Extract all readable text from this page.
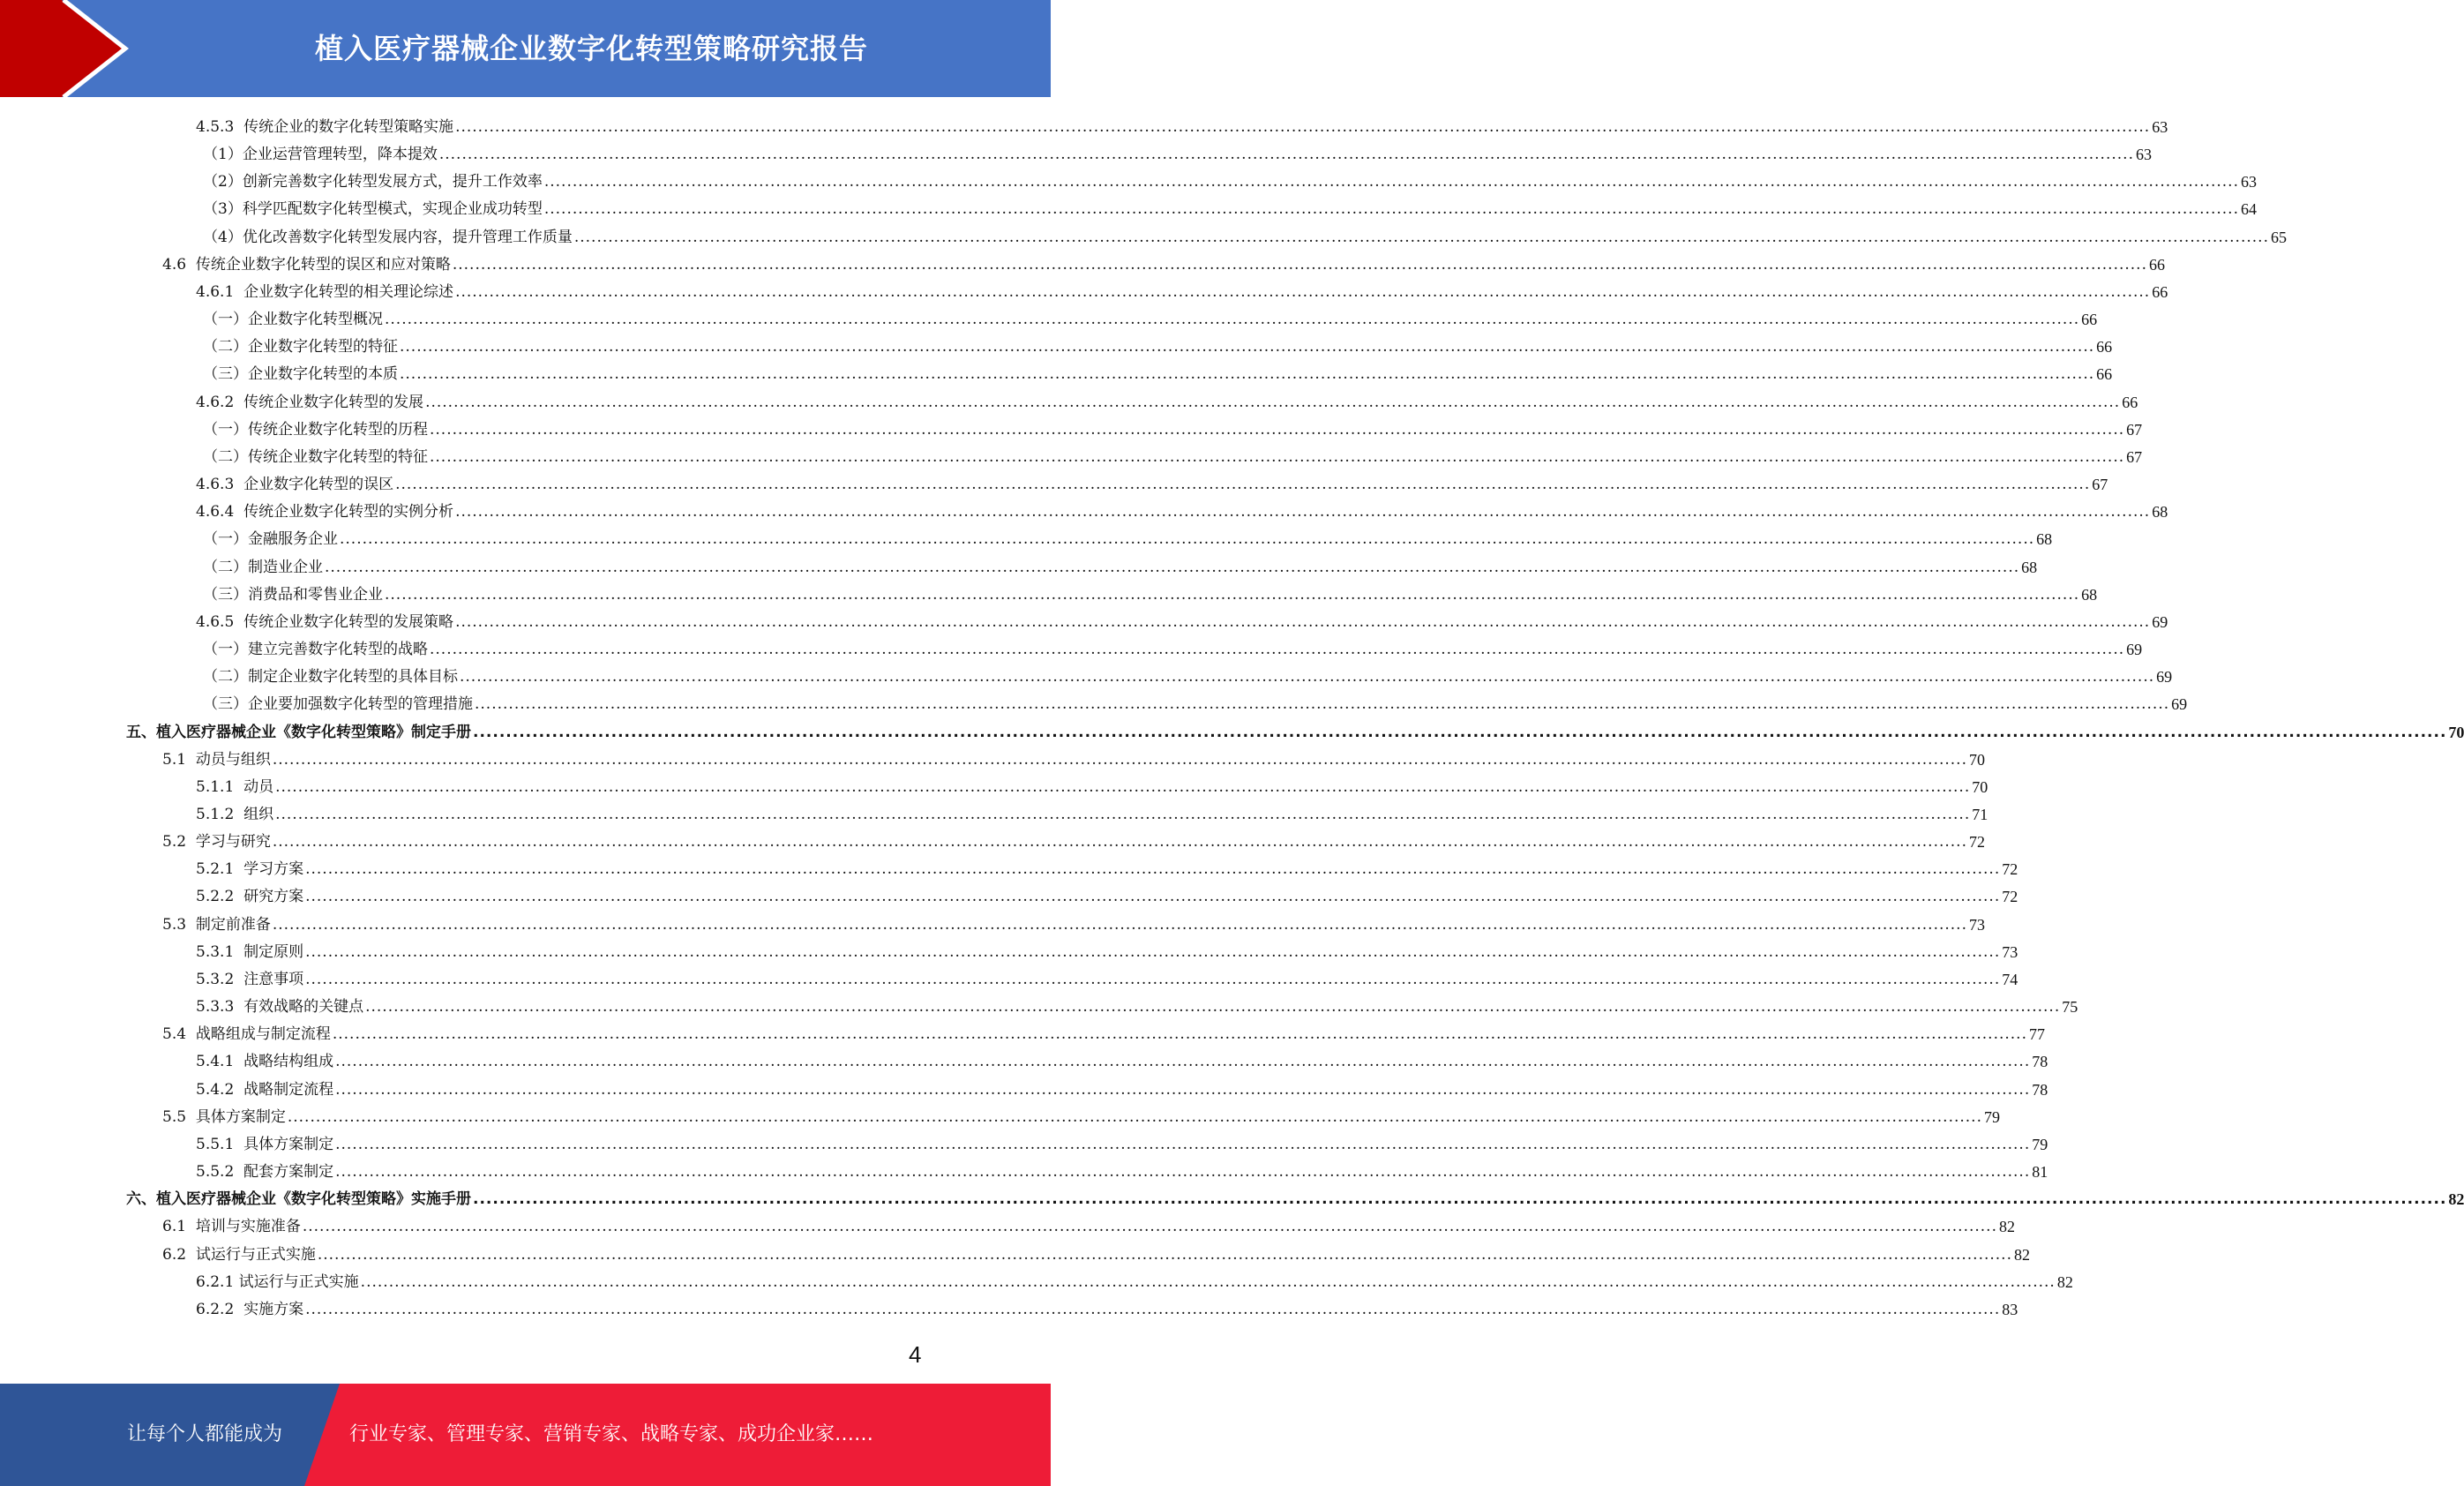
植入医疗器械企业数字化转型策略研究报告
4.5.3  传统企业的数字化转型策略实施 ............................................................................................................................................................................................................................................................................................................ 63
（1）企业运营管理转型，降本提效 ............................................................................................................................................................................................................................................................................................................ 63
（2）创新完善数字化转型发展方式，提升工作效率 ............................................................................................................................................................................................................................................................................................................ 63
（3）科学匹配数字化转型模式，实现企业成功转型 ............................................................................................................................................................................................................................................................................................................ 64
（4）优化改善数字化转型发展内容，提升管理工作质量 ............................................................................................................................................................................................................................................................................................................ 65
4.6  传统企业数字化转型的误区和应对策略 ............................................................................................................................................................................................................................................................................................................ 66
4.6.1  企业数字化转型的相关理论综述 ............................................................................................................................................................................................................................................................................................................ 66
（一）企业数字化转型概况 ............................................................................................................................................................................................................................................................................................................ 66
（二）企业数字化转型的特征 ............................................................................................................................................................................................................................................................................................................ 66
（三）企业数字化转型的本质 ............................................................................................................................................................................................................................................................................................................ 66
4.6.2  传统企业数字化转型的发展 ............................................................................................................................................................................................................................................................................................................ 66
（一）传统企业数字化转型的历程 ............................................................................................................................................................................................................................................................................................................ 67
（二）传统企业数字化转型的特征 ............................................................................................................................................................................................................................................................................................................ 67
4.6.3  企业数字化转型的误区 ............................................................................................................................................................................................................................................................................................................ 67
4.6.4  传统企业数字化转型的实例分析 ............................................................................................................................................................................................................................................................................................................ 68
（一）金融服务企业 ............................................................................................................................................................................................................................................................................................................ 68
（二）制造业企业 ............................................................................................................................................................................................................................................................................................................ 68
（三）消费品和零售业企业 ............................................................................................................................................................................................................................................................................................................ 68
4.6.5  传统企业数字化转型的发展策略 ............................................................................................................................................................................................................................................................................................................ 69
（一）建立完善数字化转型的战略 ............................................................................................................................................................................................................................................................................................................ 69
（二）制定企业数字化转型的具体目标 ............................................................................................................................................................................................................................................................................................................ 69
（三）企业要加强数字化转型的管理措施 ............................................................................................................................................................................................................................................................................................................ 69
五、植入医疗器械企业《数字化转型策略》制定手册 ............................................................................................................................................................................................................................................................................................................ 70
5.1  动员与组织 ............................................................................................................................................................................................................................................................................................................ 70
5.1.1  动员 ............................................................................................................................................................................................................................................................................................................ 70
5.1.2  组织 ............................................................................................................................................................................................................................................................................................................ 71
5.2  学习与研究 ............................................................................................................................................................................................................................................................................................................ 72
5.2.1  学习方案 ............................................................................................................................................................................................................................................................................................................ 72
5.2.2  研究方案 ............................................................................................................................................................................................................................................................................................................ 72
5.3  制定前准备 ............................................................................................................................................................................................................................................................................................................ 73
5.3.1  制定原则 ............................................................................................................................................................................................................................................................................................................ 73
5.3.2  注意事项 ............................................................................................................................................................................................................................................................................................................ 74
5.3.3  有效战略的关键点 ............................................................................................................................................................................................................................................................................................................ 75
5.4  战略组成与制定流程 ............................................................................................................................................................................................................................................................................................................ 77
5.4.1  战略结构组成 ............................................................................................................................................................................................................................................................................................................ 78
5.4.2  战略制定流程 ............................................................................................................................................................................................................................................................................................................ 78
5.5  具体方案制定 ............................................................................................................................................................................................................................................................................................................ 79
5.5.1  具体方案制定 ............................................................................................................................................................................................................................................................................................................ 79
5.5.2  配套方案制定 ............................................................................................................................................................................................................................................................................................................ 81
六、植入医疗器械企业《数字化转型策略》实施手册 ............................................................................................................................................................................................................................................................................................................ 82
6.1  培训与实施准备 ............................................................................................................................................................................................................................................................................................................ 82
6.2  试运行与正式实施 ............................................................................................................................................................................................................................................................................................................ 82
6.2.1 试运行与正式实施 ............................................................................................................................................................................................................................................................................................................ 82
6.2.2  实施方案 ............................................................................................................................................................................................................................................................................................................ 83
4
让每个人都能成为	行业专家、管理专家、营销专家、战略专家、成功企业家……
